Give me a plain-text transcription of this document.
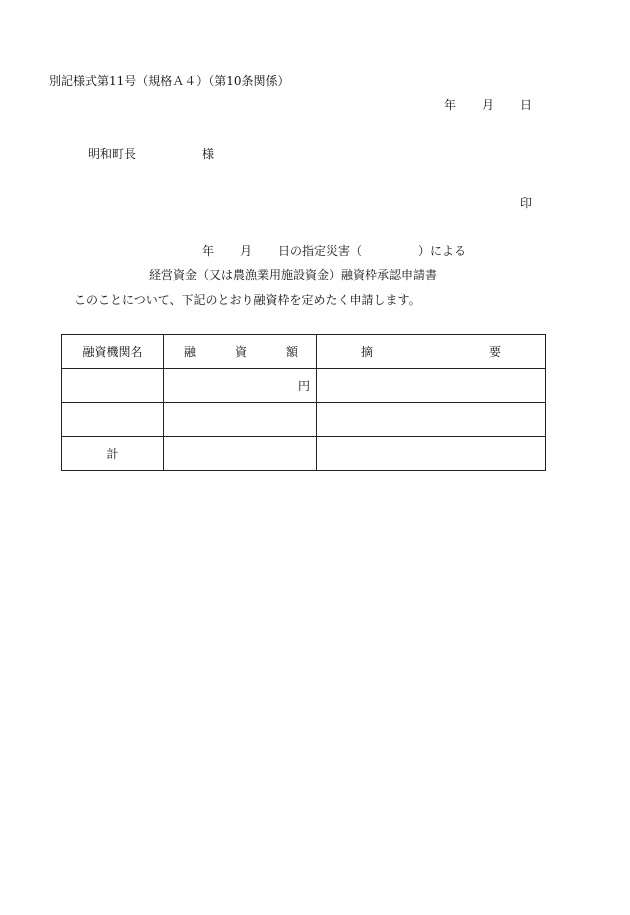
別記様式第11号（規格Ａ４）（第10条関係）
年 月 日
明和町長	様
印
年 月 日の指定災害（	）による
経営資金（又は農漁業用施設資金）融資枠承認申請書
このことについて、下記のとおり融資枠を定めたく申請します。
融資機関名	融 資 額	摘 要

	円	

計		
